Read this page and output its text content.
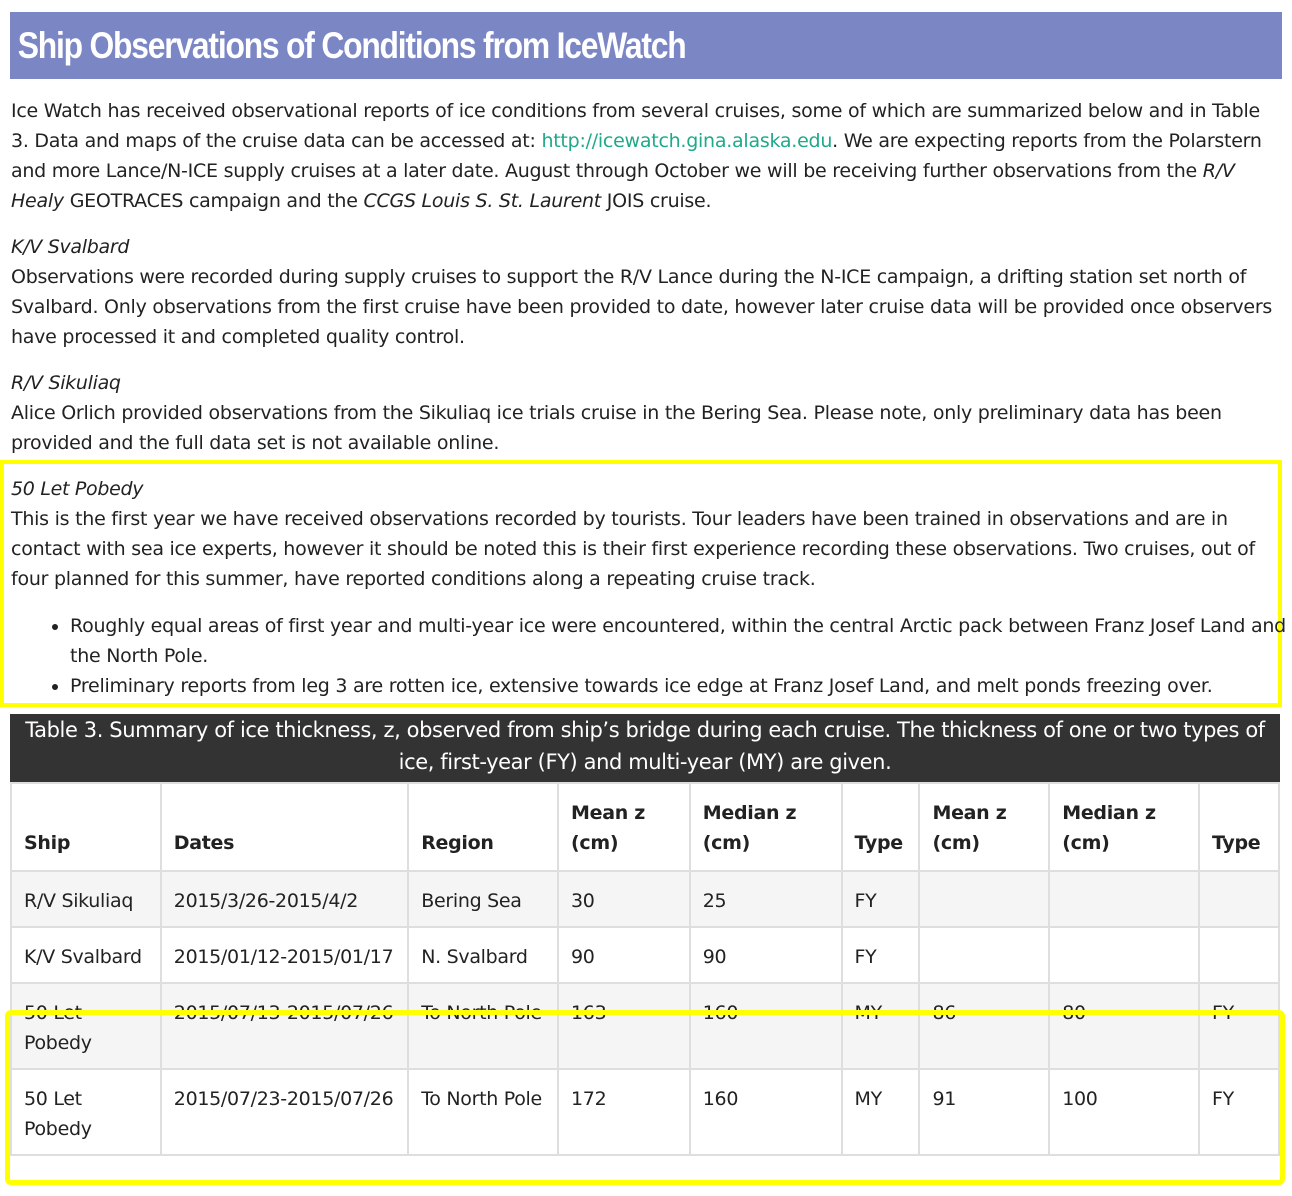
Ship Observations of Conditions from IceWatch

Ice Watch has received observational reports of ice conditions from several cruises, some of which are summarized below and in Table 3. Data and maps of the cruise data can be accessed at: http://icewatch.gina.alaska.edu. We are expecting reports from the Polarstern and more Lance/N-ICE supply cruises at a later date. August through October we will be receiving further observations from the R/V Healy GEOTRACES campaign and the CCGS Louis S. St. Laurent JOIS cruise.

K/V Svalbard

Observations were recorded during supply cruises to support the R/V Lance during the N-ICE campaign, a drifting station set north of Svalbard. Only observations from the first cruise have been provided to date, however later cruise data will be provided once observers have processed it and completed quality control.

R/V Sikuliaq

Alice Orlich provided observations from the Sikuliaq ice trials cruise in the Bering Sea. Please note, only preliminary data has been provided and the full data set is not available online.

50 Let Pobedy

This is the first year we have received observations recorded by tourists. Tour leaders have been trained in observations and are in contact with sea ice experts, however it should be noted this is their first experience recording these observations. Two cruises, out of four planned for this summer, have reported conditions along a repeating cruise track.

• Roughly equal areas of first year and multi-year ice were encountered, within the central Arctic pack between Franz Josef Land and the North Pole.
• Preliminary reports from leg 3 are rotten ice, extensive towards ice edge at Franz Josef Land, and melt ponds freezing over.
Table 3. Summary of ice thickness, z, observed from ship’s bridge during each cruise. The thickness of one or two types of ice, first-year (FY) and multi-year (MY) are given.
Ship	Dates	Region	Mean z (cm)	Median z (cm)	Type	Mean z (cm)	Median z (cm)	Type
R/V Sikuliaq	2015/3/26-2015/4/2	Bering Sea	30	25	FY			
K/V Svalbard	2015/01/12-2015/01/17	N. Svalbard	90	90	FY			
50 Let Pobedy	2015/07/13-2015/07/26	To North Pole	163	160	MY	86	80	FY
50 Let Pobedy	2015/07/23-2015/07/26	To North Pole	172	160	MY	91	100	FY
